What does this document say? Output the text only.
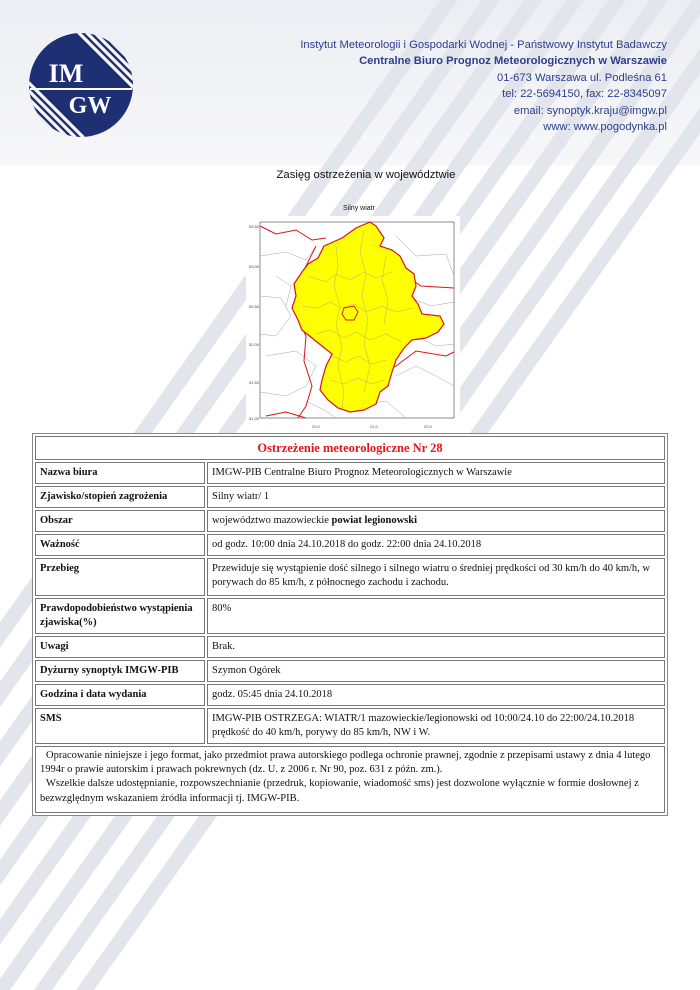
IM
GW
Instytut Meteorologii i Gospodarki Wodnej - Państwowy Instytut Badawczy
Centralne Biuro Prognoz Meteorologicznych w Warszawie
01-673 Warszawa ul. Podleśna 61
tel: 22-5694150, fax: 22-8345097
email: synoptyk.kraju@imgw.pl
www: www.pogodynka.pl
Zasięg ostrzeżenia w województwie
Silny wiatr
53,50
53,00
52,50
52,00
51,50
51,00
20,0	21,0	22,0
Ostrzeżenie meteorologiczne Nr 28	
Nazwa biura	IMGW-PIB Centralne Biuro Prognoz Meteorologicznych w Warszawie
Zjawisko/stopień zagrożenia	Silny wiatr/ 1
Obszar	województwo mazowieckie powiat legionowski
Ważność	od godz. 10:00 dnia 24.10.2018 do godz. 22:00 dnia 24.10.2018
Przebieg	Przewiduje się wystąpienie dość silnego i silnego wiatru o średniej prędkości od 30 km/h do 40 km/h, w porywach do 85 km/h, z północnego zachodu i zachodu.
Prawdopodobieństwo wystąpienia zjawiska(%)	80%
Uwagi	Brak.
Dyżurny synoptyk IMGW-PIB	Szymon Ogórek
Godzina i data wydania	godz. 05:45 dnia 24.10.2018
SMS	IMGW-PIB OSTRZEGA: WIATR/1 mazowieckie/legionowski od 10:00/24.10 do 22:00/24.10.2018 prędkość do 40 km/h, porywy do 85 km/h, NW i W.

Opracowanie niniejsze i jego format, jako przedmiot prawa autorskiego podlega ochronie prawnej, zgodnie z przepisami ustawy z dnia 4 lutego 1994r o prawie autorskim i prawach pokrewnych (dz. U. z 2006 r. Nr 90, poz. 631 z późn. zm.).

Wszelkie dalsze udostępnianie, rozpowszechnianie (przedruk, kopiowanie, wiadomość sms) jest dozwolone wyłącznie w formie dosłownej z bezwzględnym wskazaniem źródła informacji tj. IMGW-PIB.	
